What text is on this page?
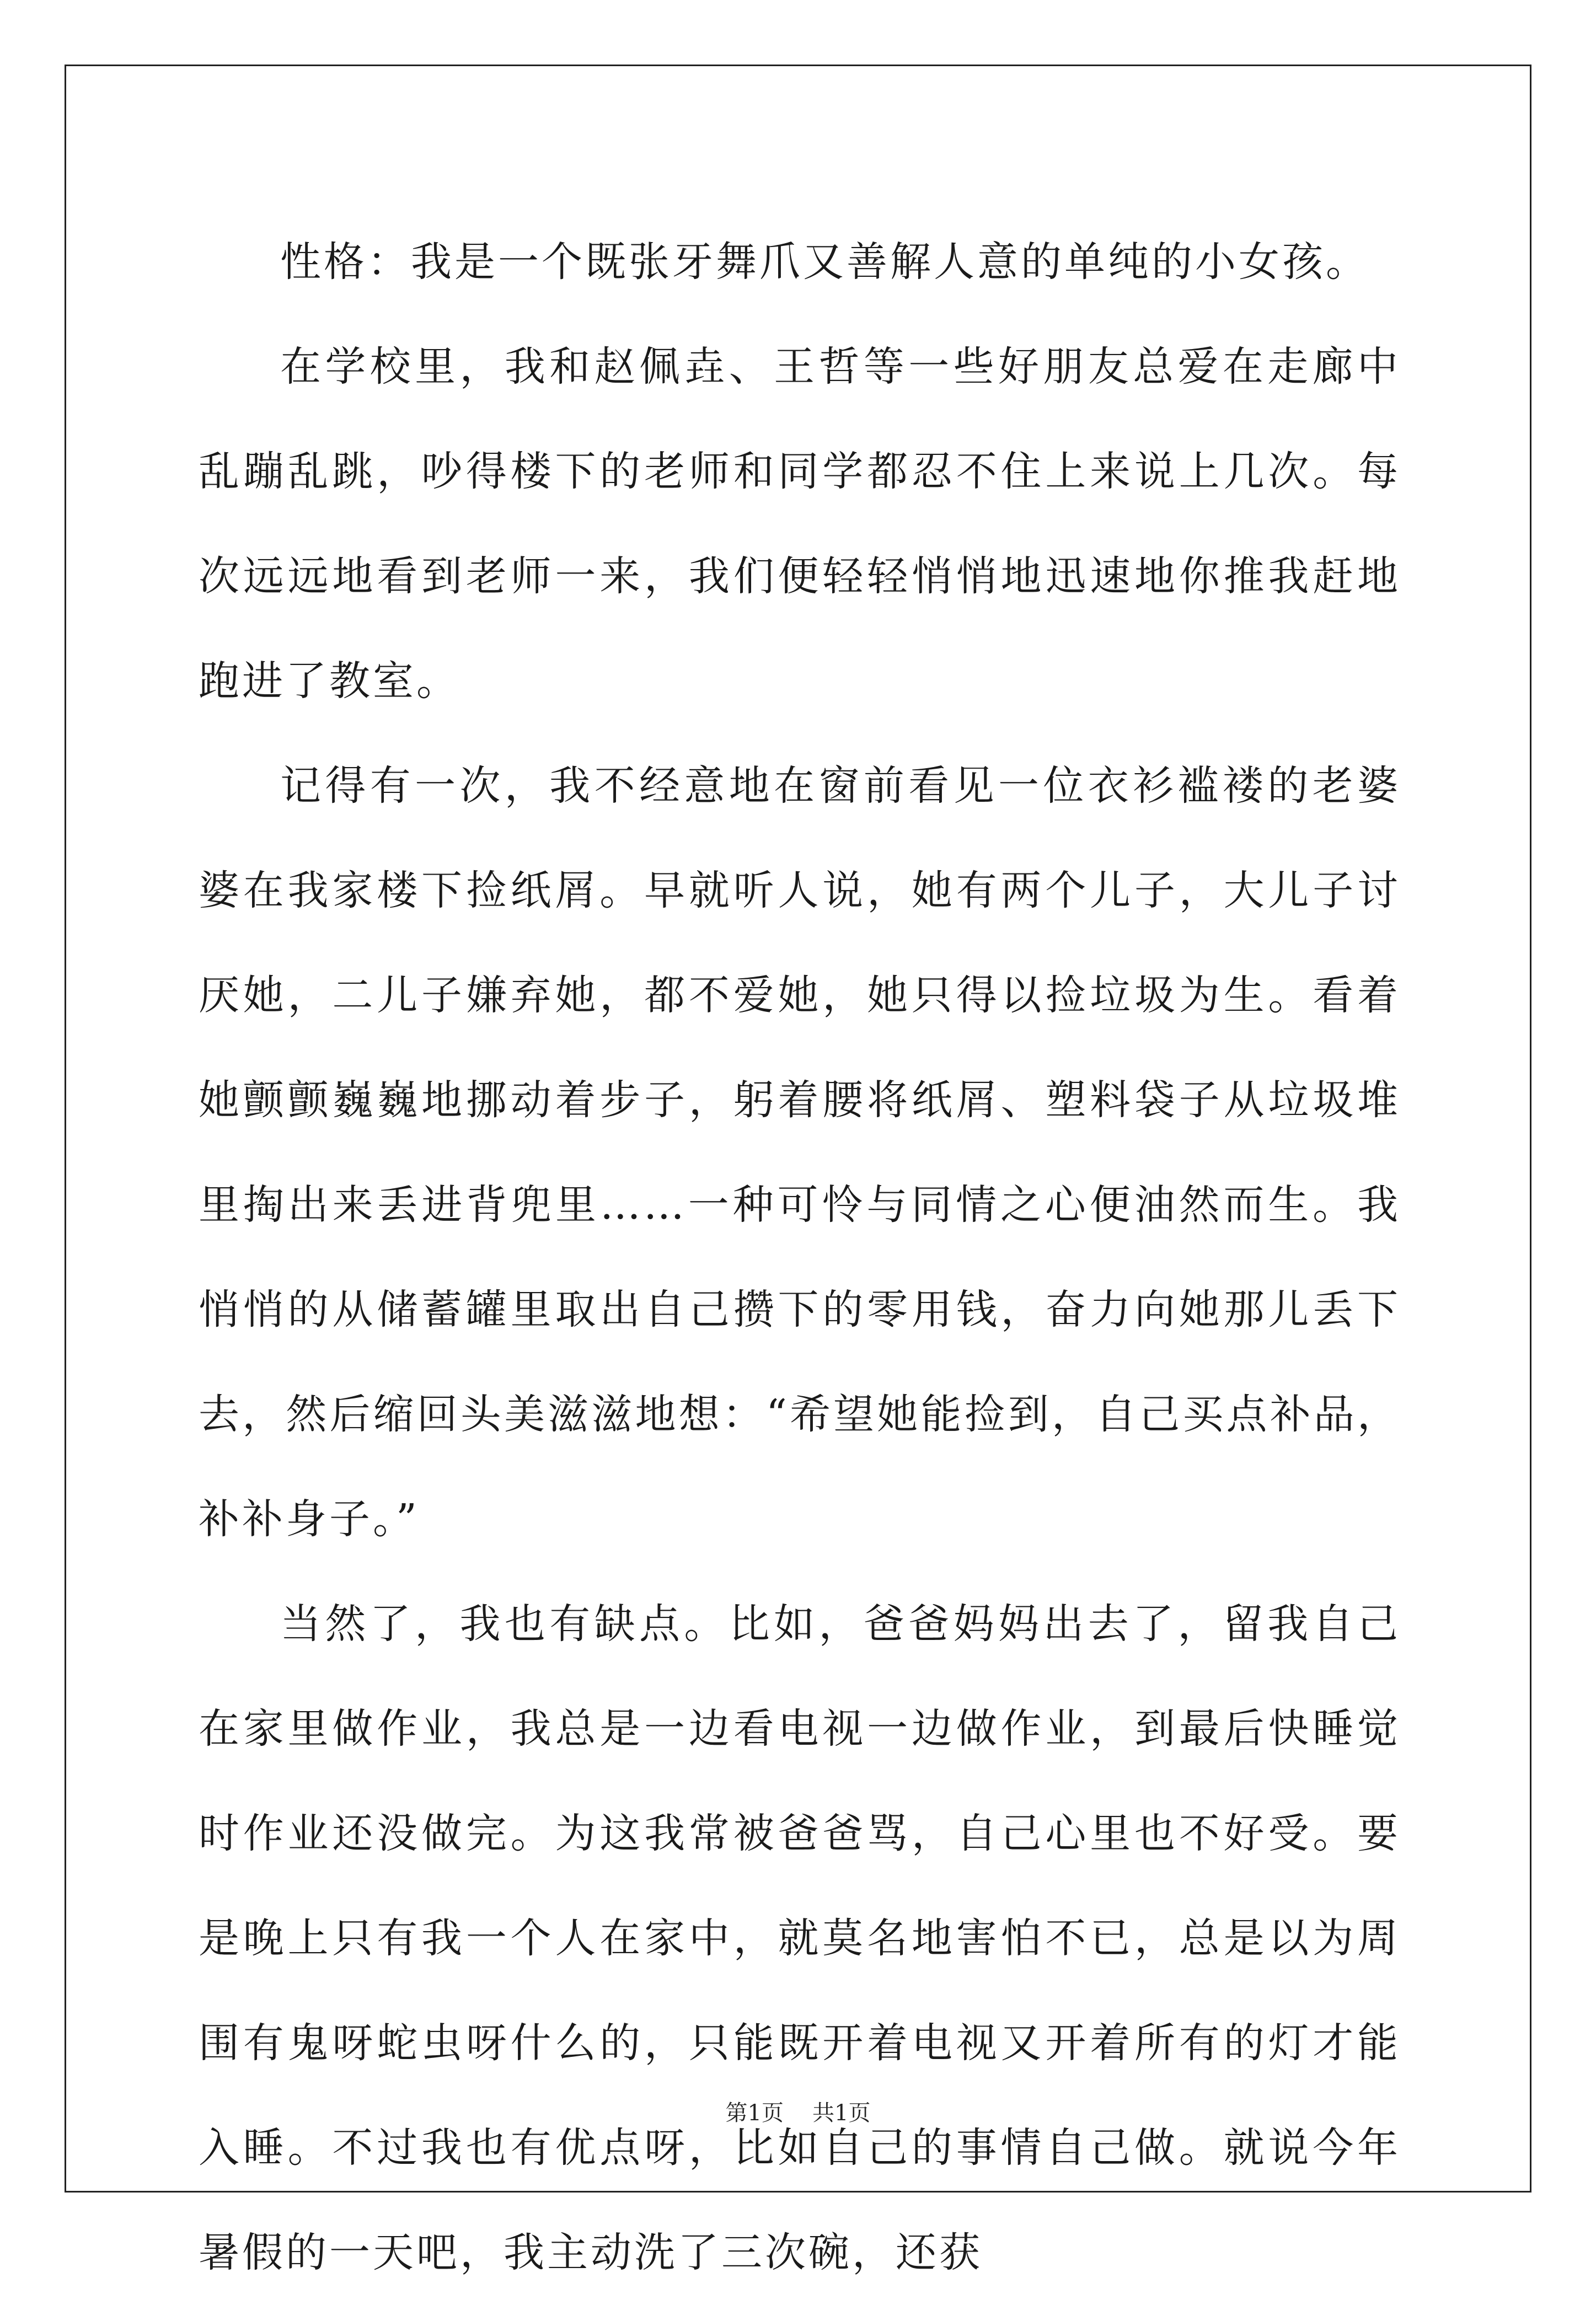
性格：我是一个既张牙舞爪又善解人意的单纯的小女孩。

在学校里，我和赵佩垚、王哲等一些好朋友总爱在走廊中乱蹦乱跳，吵得楼下的老师和同学都忍不住上来说上几次。每次远远地看到老师一来，我们便轻轻悄悄地迅速地你推我赶地跑进了教室。

记得有一次，我不经意地在窗前看见一位衣衫褴褛的老婆婆在我家楼下捡纸屑。早就听人说，她有两个儿子，大儿子讨厌她，二儿子嫌弃她，都不爱她，她只得以捡垃圾为生。看着她颤颤巍巍地挪动着步子，躬着腰将纸屑、塑料袋子从垃圾堆里掏出来丢进背兜里……一种可怜与同情之心便油然而生。我悄悄的从储蓄罐里取出自己攒下的零用钱，奋力向她那儿丢下去，然后缩回头美滋滋地想：“希望她能捡到，自己买点补品，补补身子。”

当然了，我也有缺点。比如，爸爸妈妈出去了，留我自己在家里做作业，我总是一边看电视一边做作业，到最后快睡觉时作业还没做完。为这我常被爸爸骂，自己心里也不好受。要是晚上只有我一个人在家中，就莫名地害怕不已，总是以为周围有鬼呀蛇虫呀什么的，只能既开着电视又开着所有的灯才能入睡。不过我也有优点呀，比如自己的事情自己做。就说今年暑假的一天吧，我主动洗了三次碗，还获

第1页 共1页
